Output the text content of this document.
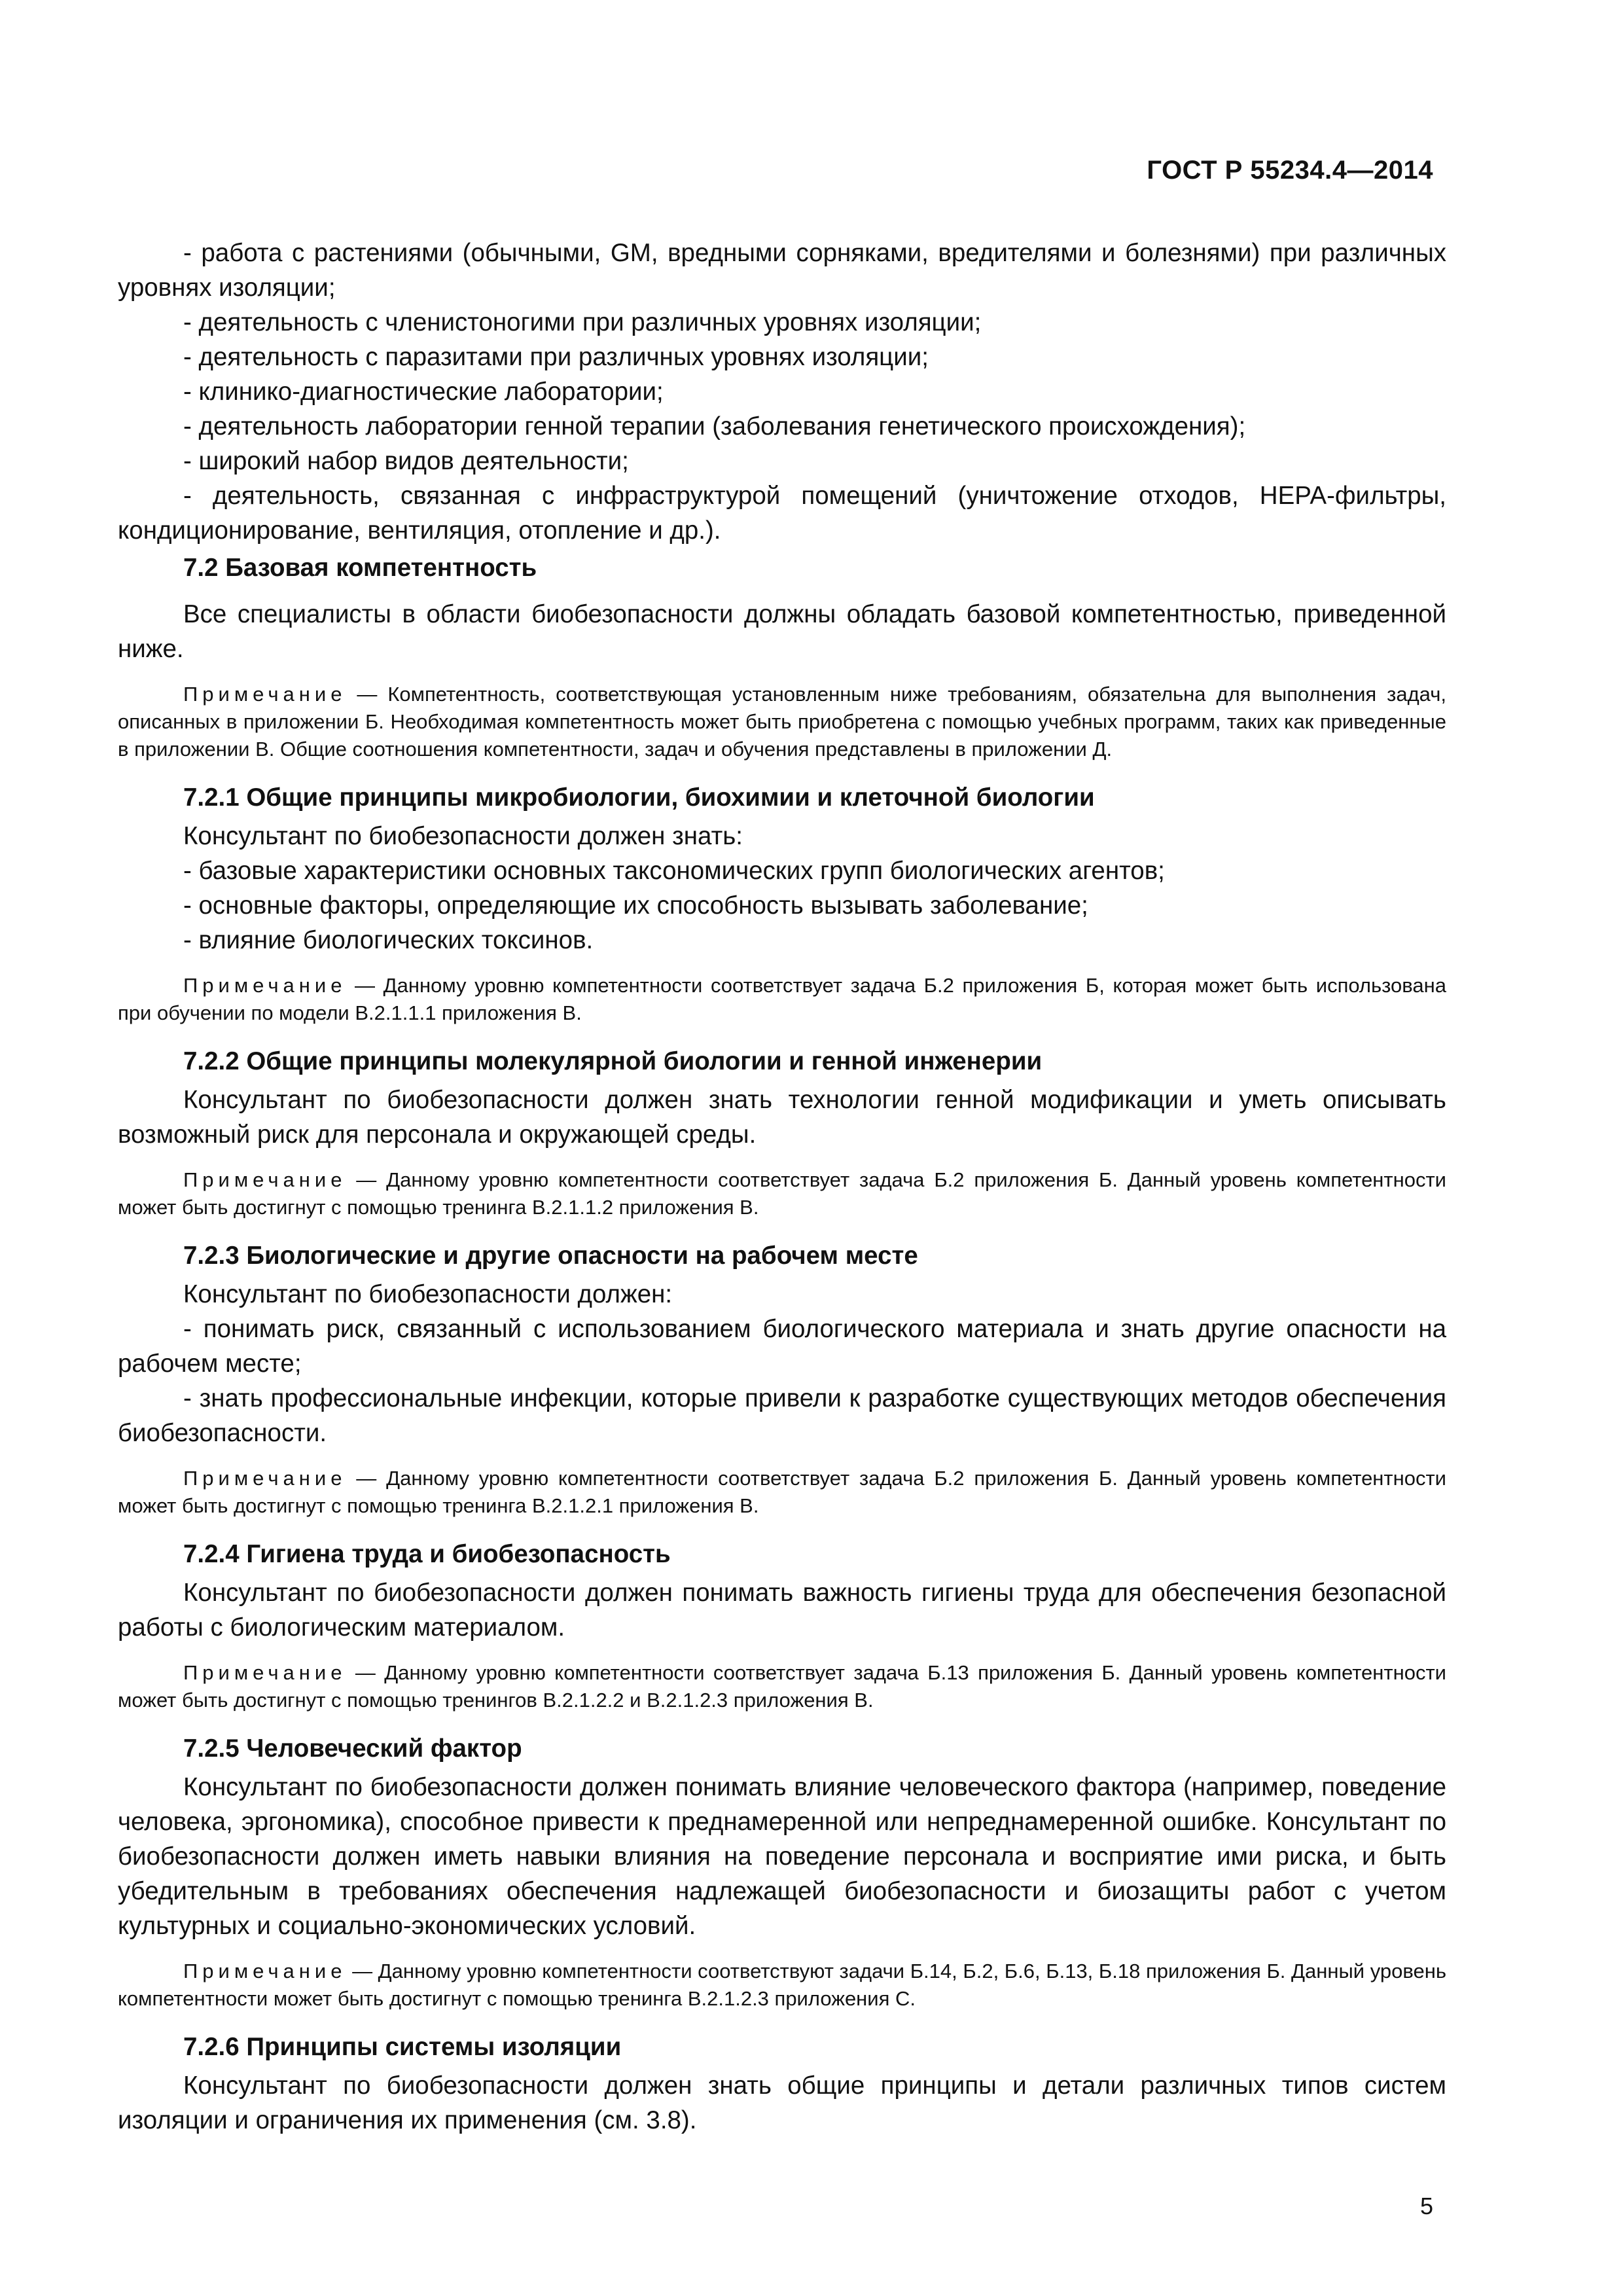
ГОСТ Р 55234.4—2014

- работа с растениями (обычными, GM, вредными сорняками, вредителями и болезнями) при различных уровнях изоляции;

- деятельность с членистоногими при различных уровнях изоляции;

- деятельность с паразитами при различных уровнях изоляции;

- клинико-диагностические лаборатории;

- деятельность лаборатории генной терапии (заболевания генетического происхождения);

- широкий набор видов деятельности;

- деятельность, связанная с инфраструктурой помещений (уничтожение отходов, НЕРА-фильтры, кондиционирование, вентиляция, отопление и др.).

7.2 Базовая компетентность

Все специалисты в области биобезопасности должны обладать базовой компетентностью, приведенной ниже.

Примечание — Компетентность, соответствующая установленным ниже требованиям, обязательна для выполнения задач, описанных в приложении Б. Необходимая компетентность может быть приобретена с помощью учебных программ, таких как приведенные в приложении В. Общие соотношения компетентности, задач и обучения представлены в приложении Д.

7.2.1 Общие принципы микробиологии, биохимии и клеточной биологии

Консультант по биобезопасности должен знать:

- базовые характеристики основных таксономических групп биологических агентов;

- основные факторы, определяющие их способность вызывать заболевание;

- влияние биологических токсинов.

Примечание — Данному уровню компетентности соответствует задача Б.2 приложения Б, которая может быть использована при обучении по модели В.2.1.1.1 приложения В.

7.2.2 Общие принципы молекулярной биологии и генной инженерии

Консультант по биобезопасности должен знать технологии генной модификации и уметь описывать возможный риск для персонала и окружающей среды.

Примечание — Данному уровню компетентности соответствует задача Б.2 приложения Б. Данный уровень компетентности может быть достигнут с помощью тренинга В.2.1.1.2 приложения В.

7.2.3 Биологические и другие опасности на рабочем месте

Консультант по биобезопасности должен:

- понимать риск, связанный с использованием биологического материала и знать другие опасности на рабочем месте;

- знать профессиональные инфекции, которые привели к разработке существующих методов обеспечения биобезопасности.

Примечание — Данному уровню компетентности соответствует задача Б.2 приложения Б. Данный уровень компетентности может быть достигнут с помощью тренинга В.2.1.2.1 приложения В.

7.2.4 Гигиена труда и биобезопасность

Консультант по биобезопасности должен понимать важность гигиены труда для обеспечения безопасной работы с биологическим материалом.

Примечание — Данному уровню компетентности соответствует задача Б.13 приложения Б. Данный уровень компетентности может быть достигнут с помощью тренингов В.2.1.2.2 и В.2.1.2.3 приложения В.

7.2.5 Человеческий фактор

Консультант по биобезопасности должен понимать влияние человеческого фактора (например, поведение человека, эргономика), способное привести к преднамеренной или непреднамеренной ошибке. Консультант по биобезопасности должен иметь навыки влияния на поведение персонала и восприятие ими риска, и быть убедительным в требованиях обеспечения надлежащей биобезопасности и биозащиты работ с учетом культурных и социально-экономических условий.

Примечание — Данному уровню компетентности соответствуют задачи Б.14, Б.2, Б.6, Б.13, Б.18 приложения Б. Данный уровень компетентности может быть достигнут с помощью тренинга В.2.1.2.3 приложения С.

7.2.6 Принципы системы изоляции

Консультант по биобезопасности должен знать общие принципы и детали различных типов систем изоляции и ограничения их применения (см. 3.8).

5
